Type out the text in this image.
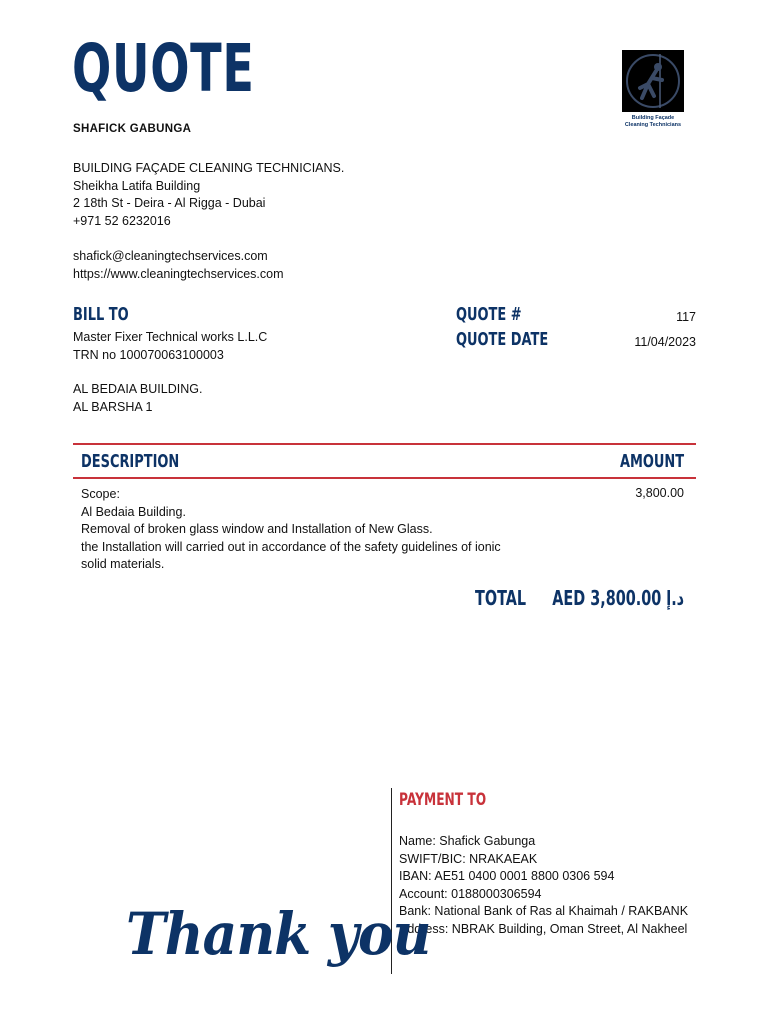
QUOTE
SHAFICK GABUNGA
BUILDING FAÇADE CLEANING TECHNICIANS.
Sheikha Latifa Building
2 18th St - Deira - Al Rigga - Dubai
+971 52 6232016
shafick@cleaningtechservices.com
https://www.cleaningtechservices.com
Building Façade
Cleaning Technicians
BILL TO
Master Fixer Technical works L.L.C
TRN no 100070063100003
AL BEDAIA BUILDING.
AL BARSHA 1
QUOTE #	117
QUOTE DATE	11/04/2023
DESCRIPTION	AMOUNT
Scope:
Al Bedaia Building.
Removal of broken glass window and Installation of New Glass.
the Installation will carried out in accordance of the safety guidelines of ionic
solid materials.
3,800.00
TOTAL	AED 3,800.00 د.إ
PAYMENT TO
Name: Shafick Gabunga
SWIFT/BIC: NRAKAEAK
IBAN: AE51 0400 0001 8800 0306 594
Account: 0188000306594
Bank: National Bank of Ras al Khaimah / RAKBANK
Address: NBRAK Building, Oman Street, Al Nakheel
Thank you
